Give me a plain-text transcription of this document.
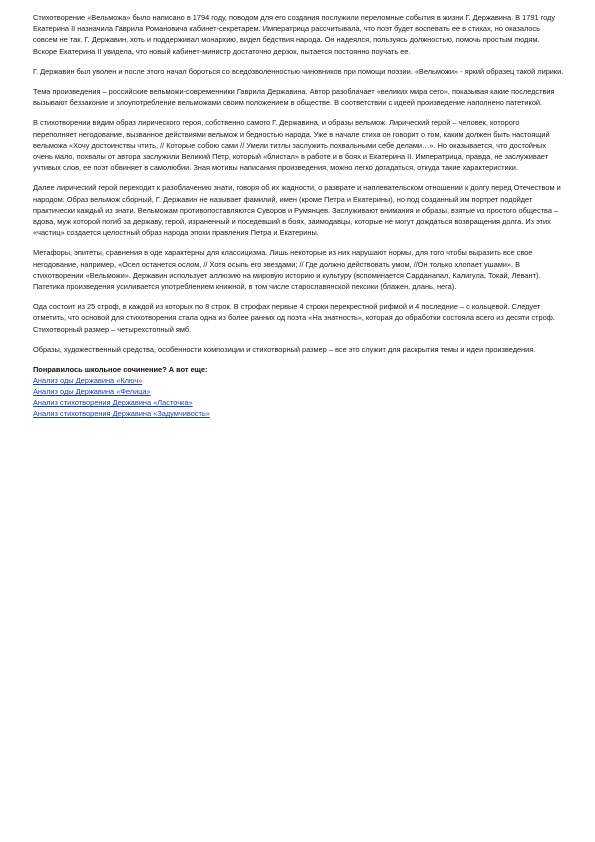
Стихотворение «Вельможа» было написано в 1794 году, поводом для его создания послужили переломные события в жизни Г. Державина. В 1791 году Екатерина II назначила Гаврила Романовича кабинет-секретарем. Императрица рассчитывала, что поэт будет воспевать ее в стихах, но оказалось совсем не так. Г. Державин, хоть и поддерживал монархию, видел бедствия народа. Он надеялся, пользуясь должностью, помочь простым людям. Вскоре Екатерина II увидела, что новый кабинет-министр достаточно дерзок, пытается постоянно поучать ее.

Г. Державин был уволен и после этого начал бороться со вседозволенностью чиновников при помощи поэзии. «Вельможи» - яркий образец такой лирики.

Тема произведения – российские вельможи-современники Гаврила Державина. Автор разоблачает «великих мира сего», показывая какие последствия вызывают беззаконие и злоупотребление вельможами своим положением в обществе. В соответствии с идеей произведение наполнено патетикой.

В стихотворении видим образ лирического героя, собственно самого Г. Державина, и образы вельмож. Лирический герой – человек, которого переполняет негодование, вызванное действиями вельмож и бедностью народа. Уже в начале стиха он говорит о том, каким должен быть настоящий вельможа «Хочу достоинствы чтить, // Которые собою сами // Умели титлы заслужить похвальными себе делами…». Но оказывается, что достойных очень мало, похвалы от автора заслужили Великий Петр, который «блистал» в работе и в боях и Екатерина II. Императрица, правда, не заслуживает учтивых слов, ее поэт обвиняет в самолюбии. Зная мотивы написания произведения, можно легко догадаться, откуда такие характеристики.

Далее лирический герой переходит к разоблачению знати, говоря об их жадности, о разврате и наплевательском отношении к долгу перед Отечеством и народом. Образ вельмож сборный, Г. Державин не называет фамилий, имен (кроме Петра и Екатерины), но под созданный им портрет подойдет практически каждый из знати. Вельможам противопоставляются Суворов и Румянцев. Заслуживают внимания и образы, взятые из простого общества – вдова, муж которой погиб за державу, герой, израненный и поседевший в боях, заимодавцы, которые не могут дождаться возвращения долга. Из этих «частиц» создается целостный образ народа эпохи правления Петра и Екатерины.

Метафоры, эпитеты, сравнения в оде характерны для классицизма. Лишь некоторые из них нарушают нормы, для того чтобы выразить все свое негодование, например, «Осел останется ослом, // Хотя осыпь его звездами; // Где должно действовать умом, //Он только хлопает ушами». В стихотворении «Вельможи». Державин использует аллюзию на мировую историю и культуру (вспоминается Сарданапал, Калигула, Токай, Левант). Патетика произведения усиливается употреблением книжной, в том числе старославянской пексики (блажен, длань, нега).

Ода состоит из 25 строф, в каждой из которых по 8 строк. В строфах первые 4 строки перекрестной рифмой и 4 последние – с кольцевой. Следует отметить, что основой для стихотворения стала одна из более ранних од поэта «На знатность», которая до обработки состояла всего из десяти строф. Стихотворный размер – четырехстопный ямб.

Образы, художественный средства, особенности композиции и стихотворный размер – все это служит для раскрытия темы и идеи произведения.

Понравилось школьное сочинение? А вот еще:

Анализ оды Державина «Ключ»
Анализ оды Державина «Фелица»
Анализ стихотворения Державина «Ласточка»
Анализ стихотворения Державина «Задумчивость»
